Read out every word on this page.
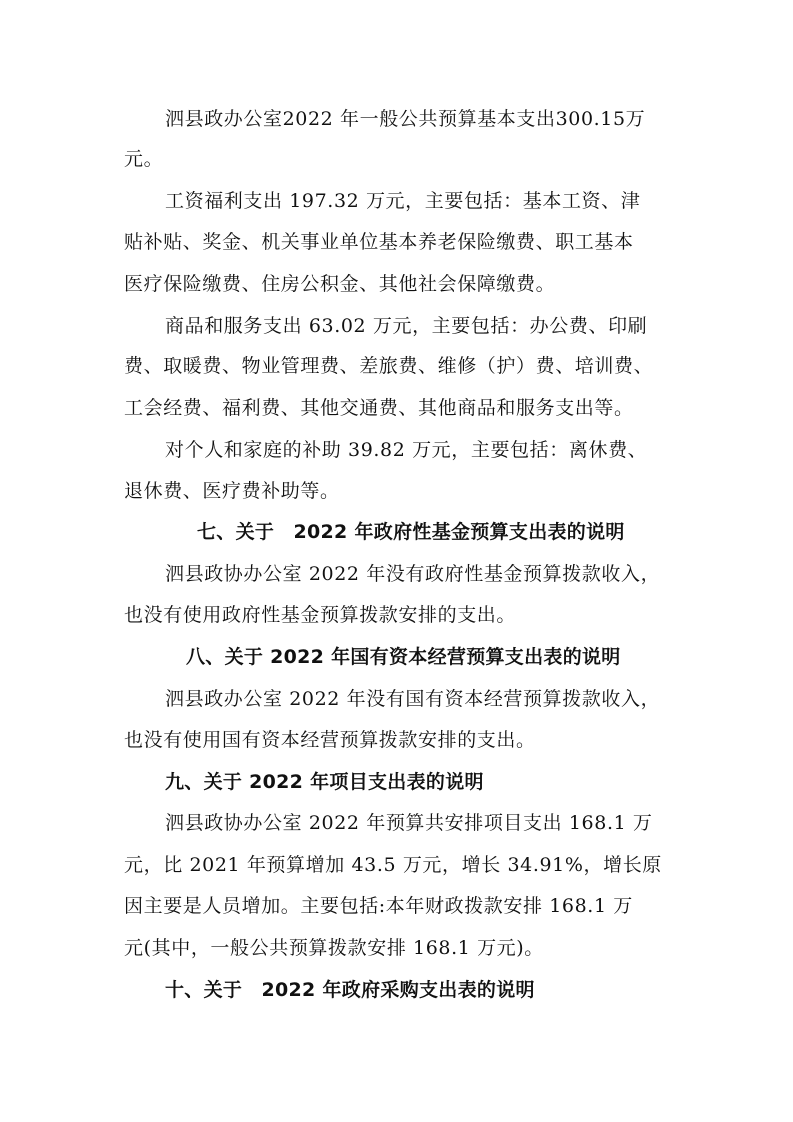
泗县政办公室2022 年一般公共预算基本支出300.15万
元。
工资福利支出 197.32 万元，主要包括：基本工资、津
贴补贴、奖金、机关事业单位基本养老保险缴费、职工基本
医疗保险缴费、住房公积金、其他社会保障缴费。
商品和服务支出 63.02 万元，主要包括：办公费、印刷
费、取暖费、物业管理费、差旅费、维修（护）费、培训费、
工会经费、福利费、其他交通费、其他商品和服务支出等。
对个人和家庭的补助 39.82 万元，主要包括：离休费、
退休费、医疗费补助等。
七、关于　2022 年政府性基金预算支出表的说明
泗县政协办公室 2022 年没有政府性基金预算拨款收入，
也没有使用政府性基金预算拨款安排的支出。
八、关于 2022 年国有资本经营预算支出表的说明
泗县政办公室 2022 年没有国有资本经营预算拨款收入，
也没有使用国有资本经营预算拨款安排的支出。
九、关于 2022 年项目支出表的说明
泗县政协办公室 2022 年预算共安排项目支出 168.1 万
元，比 2021 年预算增加 43.5 万元，增长 34.91%，增长原
因主要是人员增加。主要包括:本年财政拨款安排 168.1 万
元(其中，一般公共预算拨款安排 168.1 万元)。
十、关于　2022 年政府采购支出表的说明
